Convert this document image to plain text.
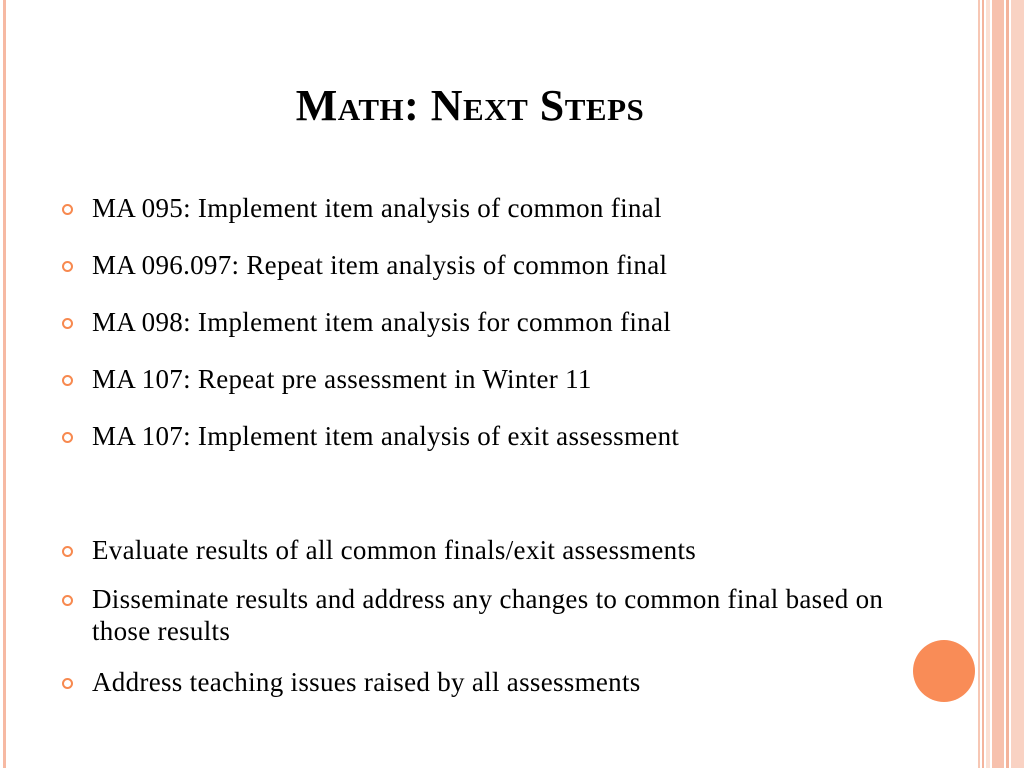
Math: Next Steps
MA 095: Implement item analysis of common final
MA 096.097: Repeat item analysis of common final
MA 098: Implement item analysis for common final
MA 107: Repeat pre assessment in Winter 11
MA 107: Implement item analysis of exit assessment
Evaluate results of all common finals/exit assessments
Disseminate results and address any changes to common final based on those results
Address teaching issues raised by all assessments
